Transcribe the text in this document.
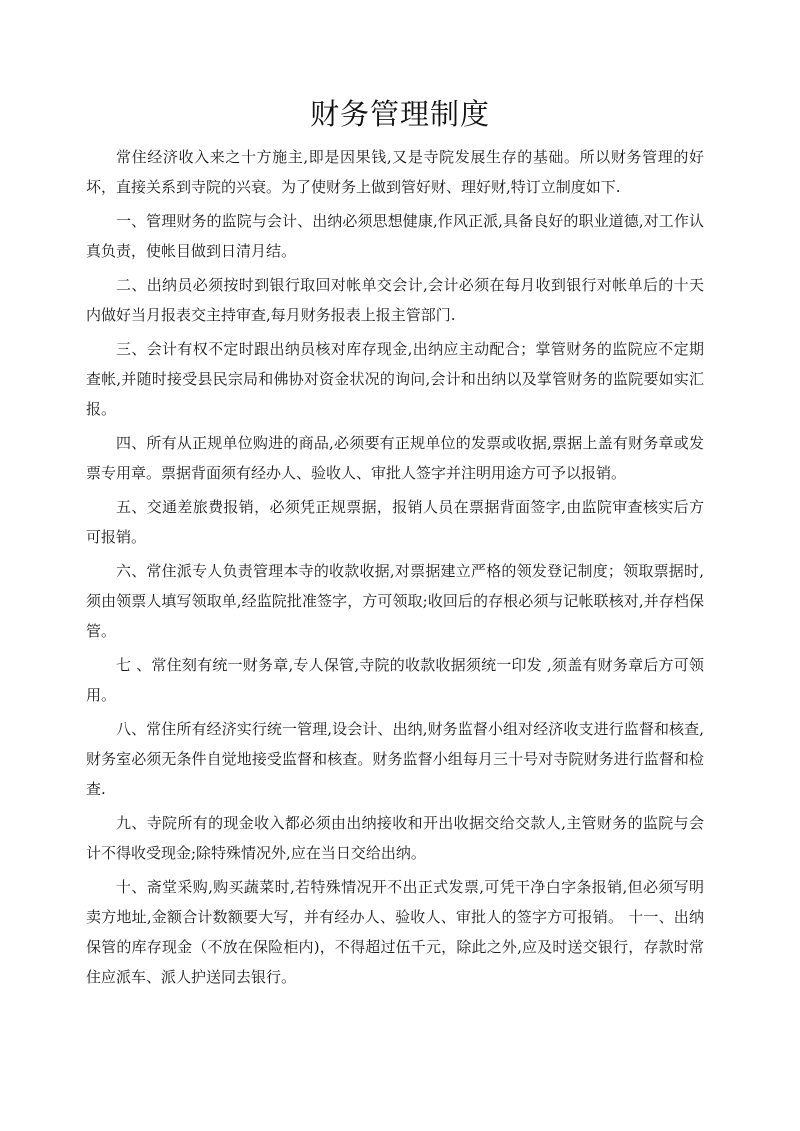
财务管理制度

常住经济收入来之十方施主,即是因果钱,又是寺院发展生存的基础。所以财务管理的好坏，直接关系到寺院的兴衰。为了使财务上做到管好财、理好财,特订立制度如下.

一、管理财务的监院与会计、出纳必须思想健康,作风正派,具备良好的职业道德,对工作认真负责，使帐目做到日清月结。

二、出纳员必须按时到银行取回对帐单交会计,会计必须在每月收到银行对帐单后的十天内做好当月报表交主持审查,每月财务报表上报主管部门.

三、会计有权不定时跟出纳员核对库存现金,出纳应主动配合；掌管财务的监院应不定期查帐,并随时接受县民宗局和佛协对资金状况的询问,会计和出纳以及掌管财务的监院要如实汇报。

四、所有从正规单位购进的商品,必须要有正规单位的发票或收据,票据上盖有财务章或发票专用章。票据背面须有经办人、验收人、审批人签字并注明用途方可予以报销。

五、交通差旅费报销，必须凭正规票据，报销人员在票据背面签字,由监院审查核实后方可报销。

六、常住派专人负责管理本寺的收款收据,对票据建立严格的领发登记制度；领取票据时,须由领票人填写领取单,经监院批准签字，方可领取;收回后的存根必须与记帐联核对,并存档保管。

七 、常住刻有统一财务章,专人保管,寺院的收款收据须统一印发 ,须盖有财务章后方可领用。

八、常住所有经济实行统一管理,设会计、出纳,财务监督小组对经济收支进行监督和核查,财务室必须无条件自觉地接受监督和核查。财务监督小组每月三十号对寺院财务进行监督和检查.

九、寺院所有的现金收入都必须由出纳接收和开出收据交给交款人,主管财务的监院与会计不得收受现金;除特殊情况外,应在当日交给出纳。

十、斋堂采购,购买蔬菜时,若特殊情况开不出正式发票,可凭干净白字条报销,但必须写明卖方地址,金额合计数额要大写，并有经办人、验收人、审批人的签字方可报销。 十一、出纳保管的库存现金（不放在保险柜内)，不得超过伍千元，除此之外,应及时送交银行，存款时常住应派车、派人护送同去银行。
